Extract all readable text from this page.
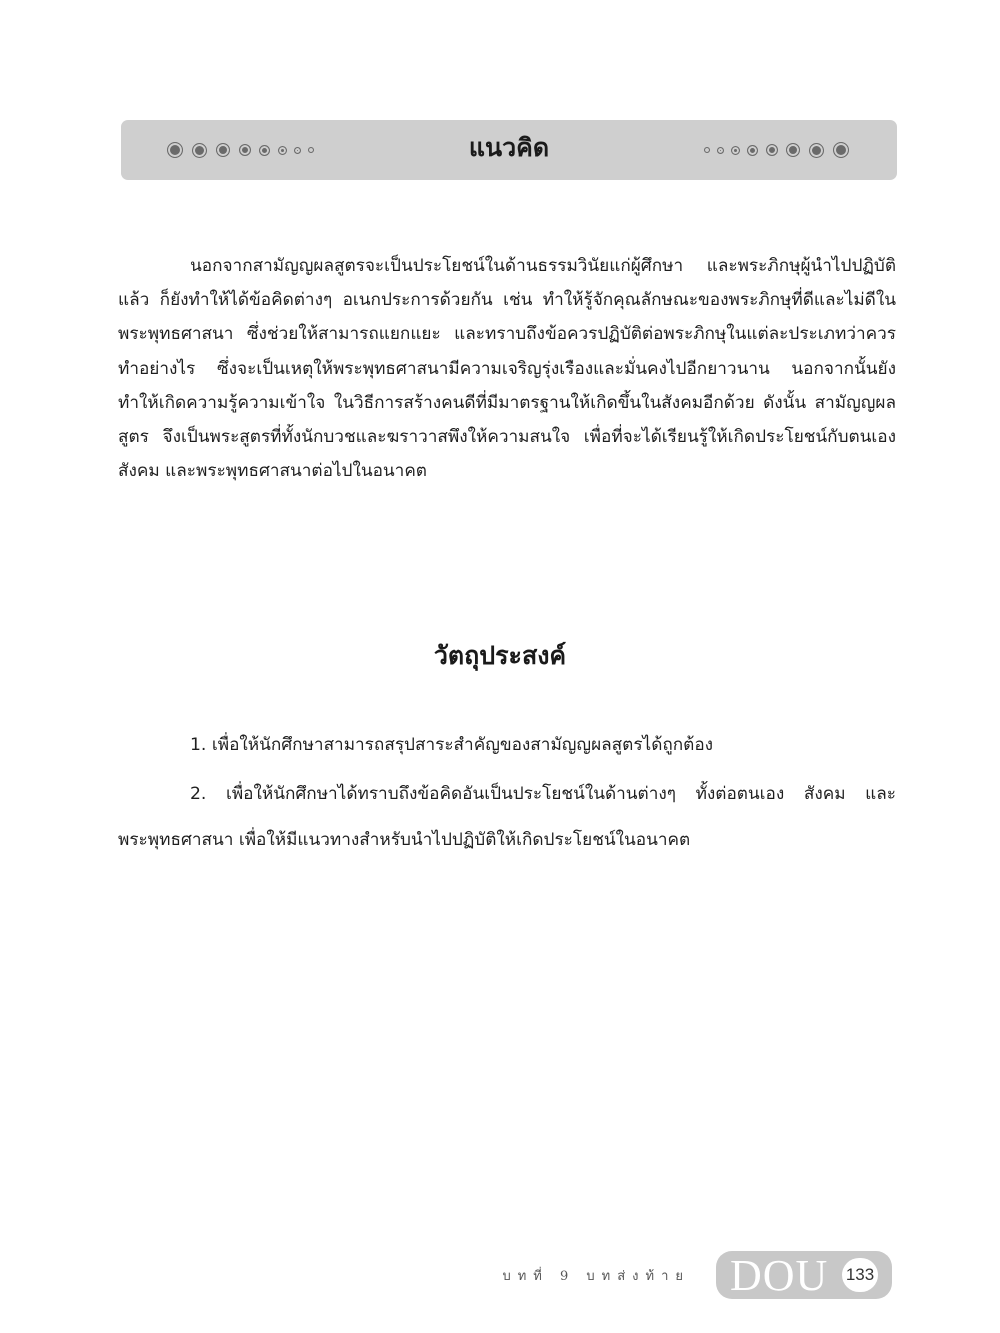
แนวคิด

นอกจากสามัญญผลสูตรจะเป็นประโยชน์ในด้านธรรมวินัยแก่ผู้ศึกษา และพระภิกษุผู้นำไปปฏิบัติแล้ว ก็ยังทำให้ได้ข้อคิดต่างๆ อเนกประการด้วยกัน เช่น ทำให้รู้จักคุณลักษณะของพระภิกษุที่ดีและไม่ดีในพระพุทธศาสนา ซึ่งช่วยให้สามารถแยกแยะ และทราบถึงข้อควรปฏิบัติต่อพระภิกษุในแต่ละประเภทว่าควรทำอย่างไร ซึ่งจะเป็นเหตุให้พระพุทธศาสนามีความเจริญรุ่งเรืองและมั่นคงไปอีกยาวนาน นอกจากนั้นยังทำให้เกิดความรู้ความเข้าใจ ในวิธีการสร้างคนดีที่มีมาตรฐานให้เกิดขึ้นในสังคมอีกด้วย ดังนั้น สามัญญผลสูตร จึงเป็นพระสูตรที่ทั้งนักบวชและฆราวาสพึงให้ความสนใจ เพื่อที่จะได้เรียนรู้ให้เกิดประโยชน์กับตนเอง สังคม และพระพุทธศาสนาต่อไปในอนาคต

วัตถุประสงค์

1. เพื่อให้นักศึกษาสามารถสรุปสาระสำคัญของสามัญญผลสูตรได้ถูกต้อง

2. เพื่อให้นักศึกษาได้ทราบถึงข้อคิดอันเป็นประโยชน์ในด้านต่างๆ ทั้งต่อตนเอง สังคม และพระพุทธศาสนา เพื่อให้มีแนวทางสำหรับนำไปปฏิบัติให้เกิดประโยชน์ในอนาคต

บทที่ 9 บทส่งท้าย DOU 133
